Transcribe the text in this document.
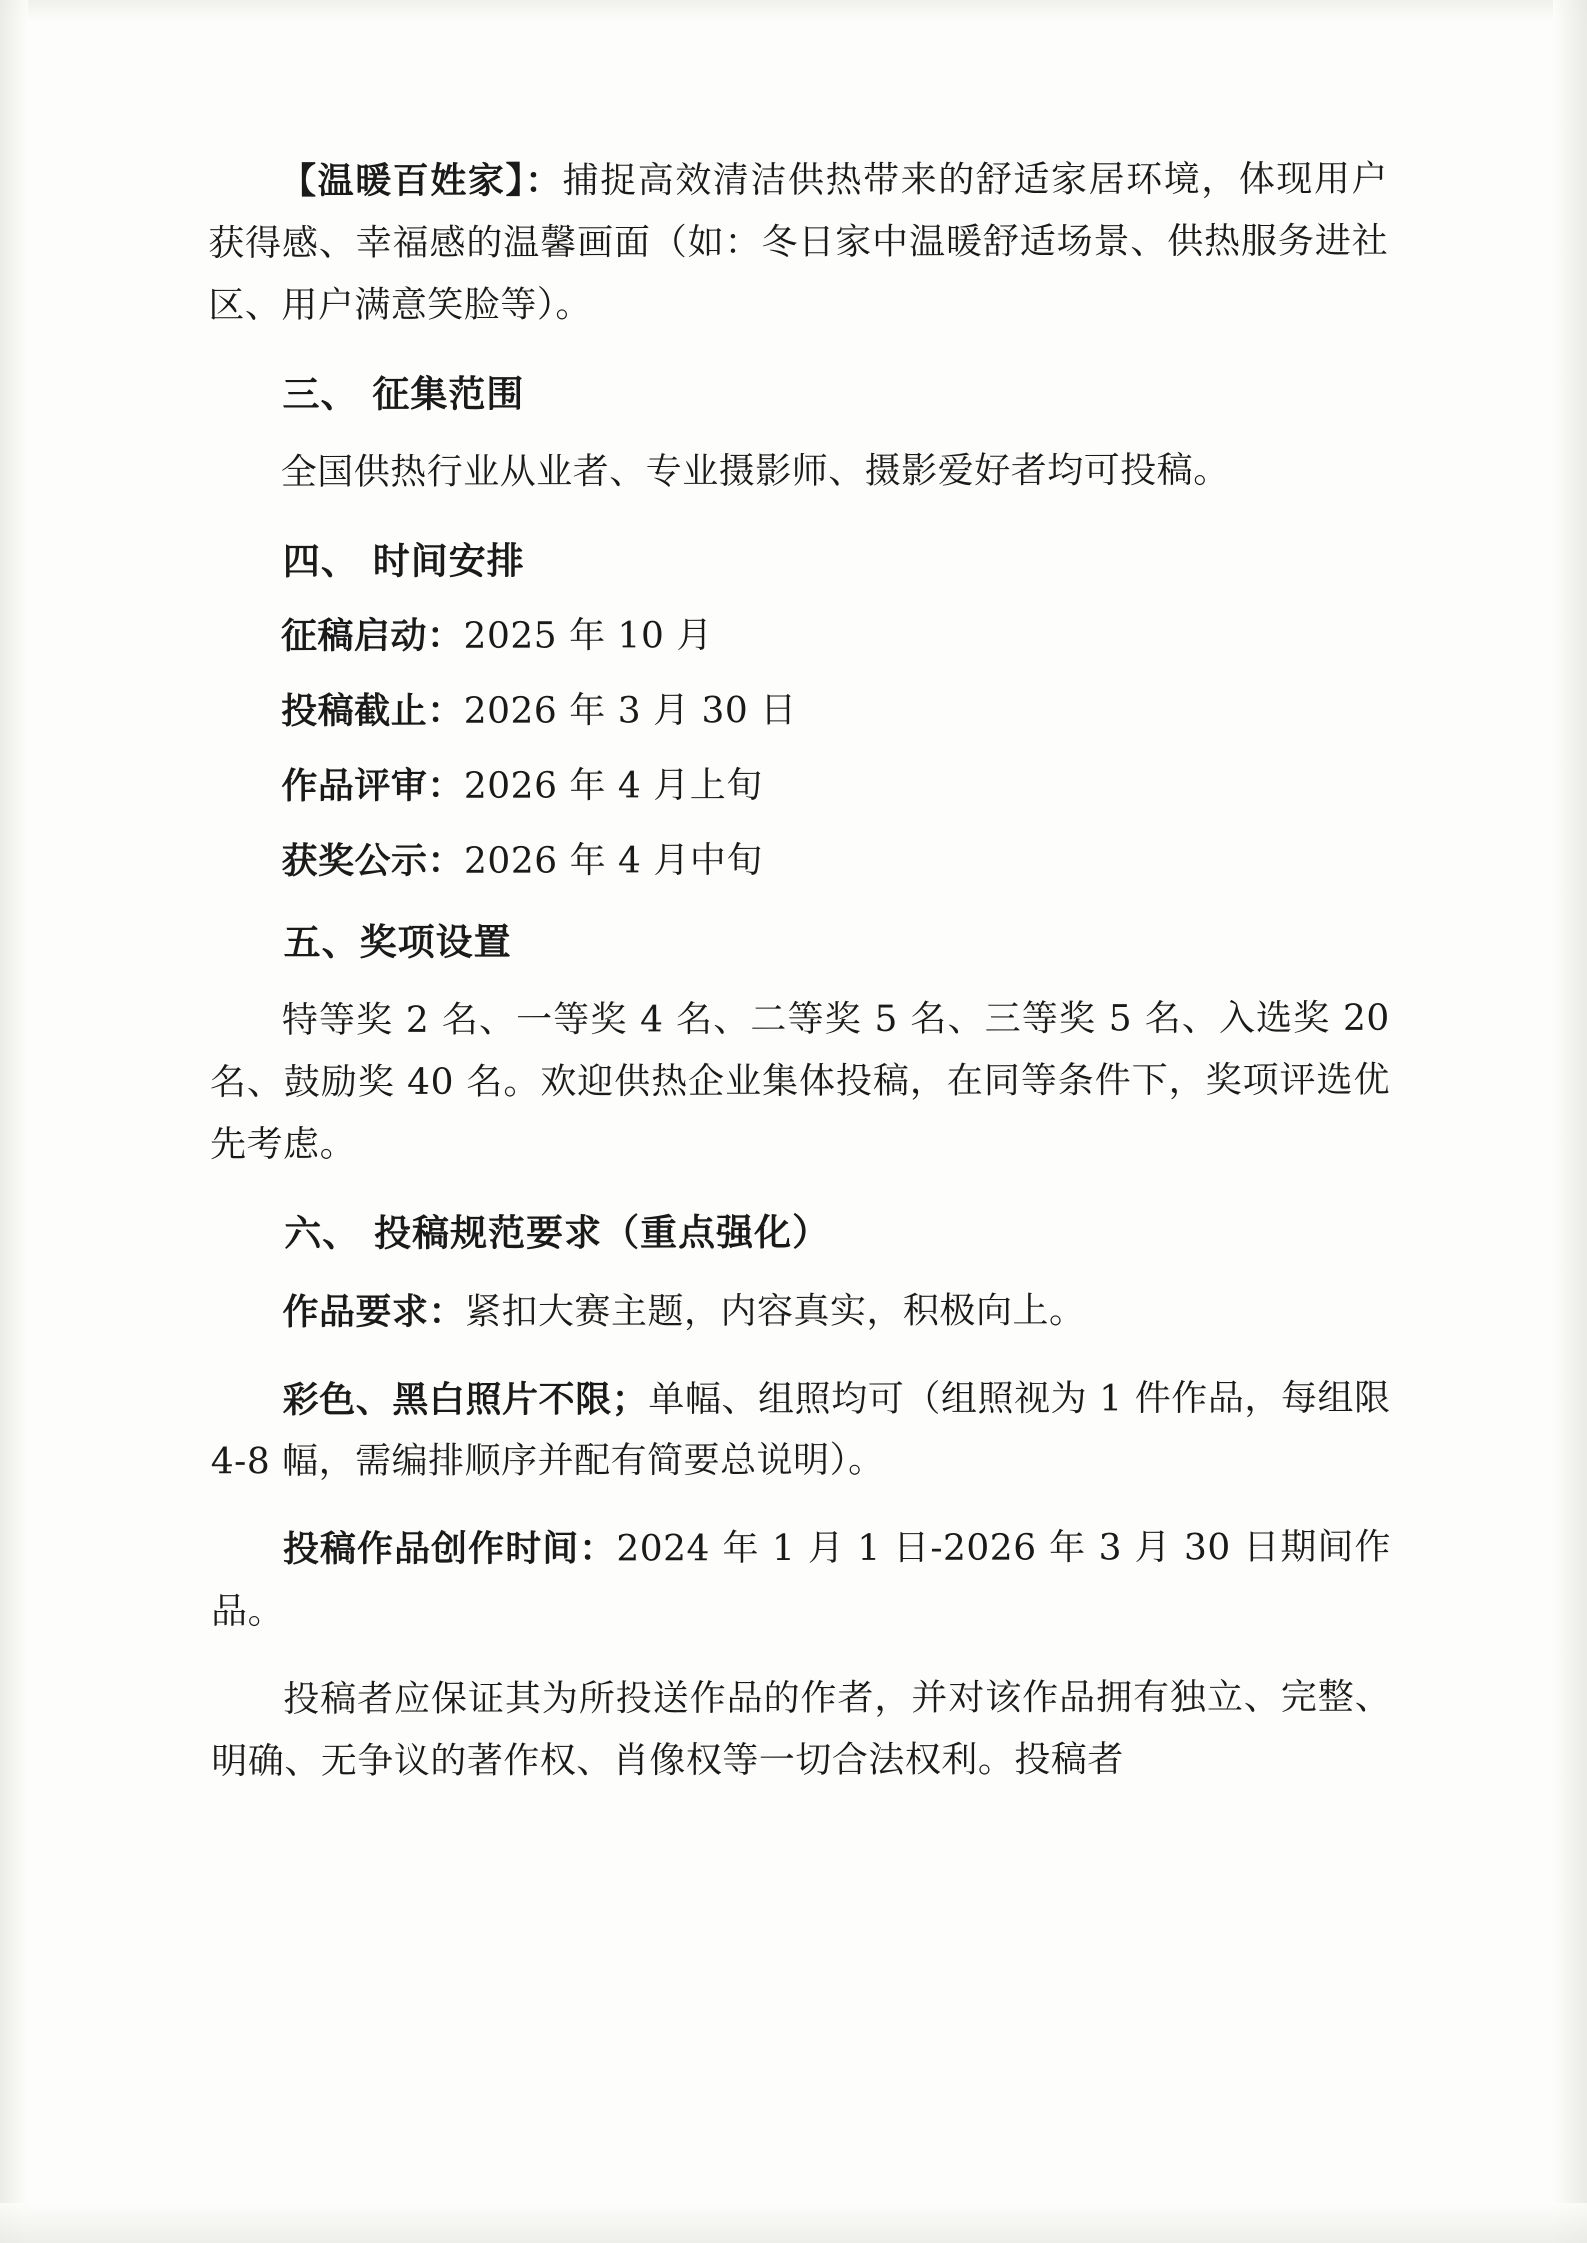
【温暖百姓家】：捕捉高效清洁供热带来的舒适家居环境，体现用户获得感、幸福感的温馨画面（如：冬日家中温暖舒适场景、供热服务进社区、用户满意笑脸等）。

三、 征集范围

全国供热行业从业者、专业摄影师、摄影爱好者均可投稿。

四、 时间安排

征稿启动：2025 年 10 月

投稿截止：2026 年 3 月 30 日

作品评审：2026 年 4 月上旬

获奖公示：2026 年 4 月中旬

五、奖项设置

特等奖 2 名、一等奖 4 名、二等奖 5 名、三等奖 5 名、入选奖 20 名、鼓励奖 40 名。欢迎供热企业集体投稿，在同等条件下，奖项评选优先考虑。

六、 投稿规范要求（重点强化）

作品要求：紧扣大赛主题，内容真实，积极向上。

彩色、黑白照片不限；单幅、组照均可（组照视为 1 件作品，每组限 4-8 幅，需编排顺序并配有简要总说明）。

投稿作品创作时间：2024 年 1 月 1 日-2026 年 3 月 30 日期间作品。

投稿者应保证其为所投送作品的作者，并对该作品拥有独立、完整、明确、无争议的著作权、肖像权等一切合法权利。投稿者
